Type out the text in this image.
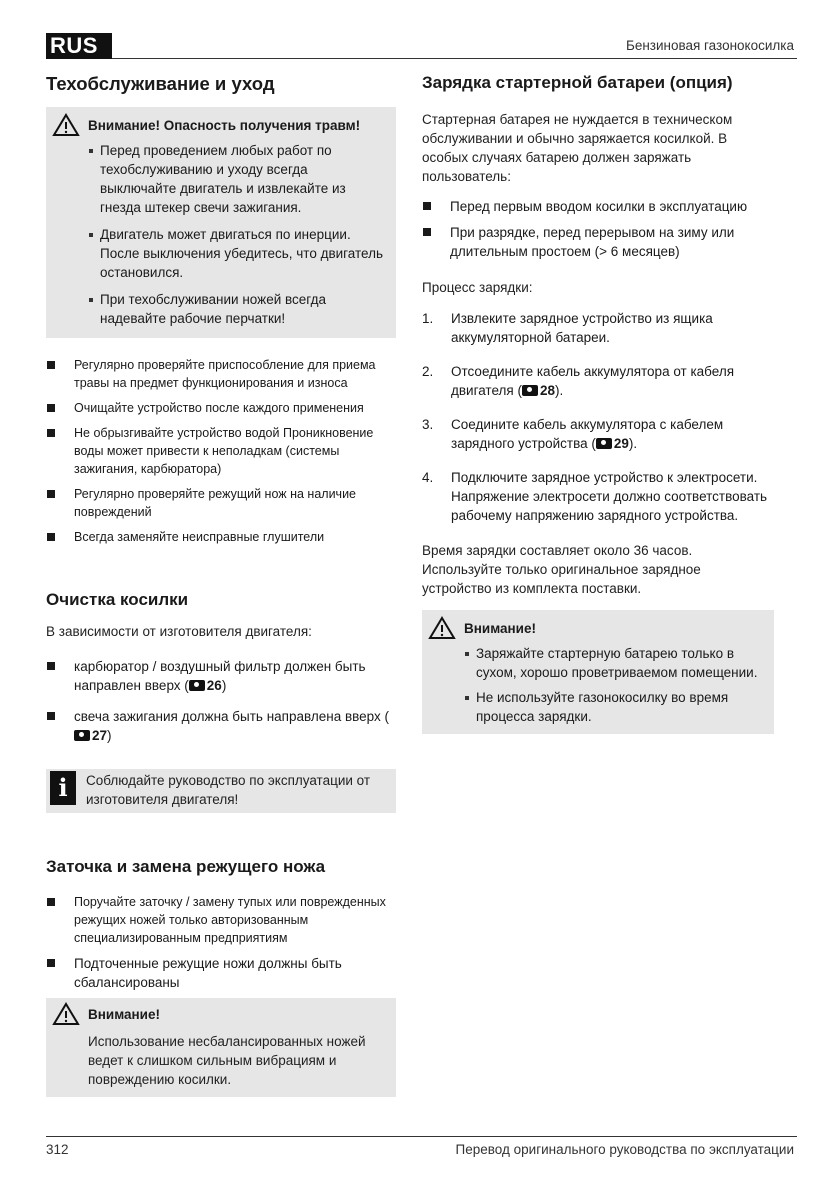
RUS	Бензиновая газонокосилка
Техобслуживание и уход
Внимание! Опасность получения травм!
Перед проведением любых работ по техобслуживанию и уходу всегда выключайте двигатель и извлекайте из гнезда штекер свечи зажигания.
Двигатель может двигаться по инерции. После выключения убедитесь, что двигатель остановился.
При техобслуживании ножей всегда надевайте рабочие перчатки!
Регулярно проверяйте приспособление для приема травы на предмет функционирования и износа
Очищайте устройство после каждого применения
Не обрызгивайте устройство водой Проникновение воды может привести к неполадкам (системы зажигания, карбюратора)
Регулярно проверяйте режущий нож на наличие повреждений
Всегда заменяйте неисправные глушители
Очистка косилки

В зависимости от изготовителя двигателя:

карбюратор / воздушный фильтр должен быть направлен вверх ( 26)
свеча зажигания должна быть направлена вверх (27)
i	Соблюдайте руководство по эксплуатации от изготовителя двигателя!

Заточка и замена режущего ножа
Поручайте заточку / замену тупых или поврежденных режущих ножей только авторизованным специализированным предприятиям
Подточенные режущие ножи должны быть сбалансированы
Внимание!

Использование несбалансированных ножей ведет к слишком сильным вибрациям и повреждению косилки.

Зарядка стартерной батареи (опция)

Стартерная батарея не нуждается в техническом обслуживании и обычно заряжается косилкой. В особых случаях батарею должен заряжать пользователь:

Перед первым вводом косилки в эксплуатацию
При разрядке, перед перерывом на зиму или длительным простоем (> 6 месяцев)

Процесс зарядки:

1. Извлеките зарядное устройство из ящика аккумуляторной батареи.
2. Отсоедините кабель аккумулятора от кабеля двигателя ( 28).
3. Соедините кабель аккумулятора с кабелем зарядного устройства ( 29).
4. Подключите зарядное устройство к электросети. Напряжение электросети должно соответствовать рабочему напряжению зарядного устройства.

Время зарядки составляет около 36 часов. Используйте только оригинальное зарядное устройство из комплекта поставки.

Внимание!
Заряжайте стартерную батарею только в сухом, хорошо проветриваемом помещении.
Не используйте газонокосилку во время процесса зарядки.
312	Перевод оригинального руководства по эксплуатации
